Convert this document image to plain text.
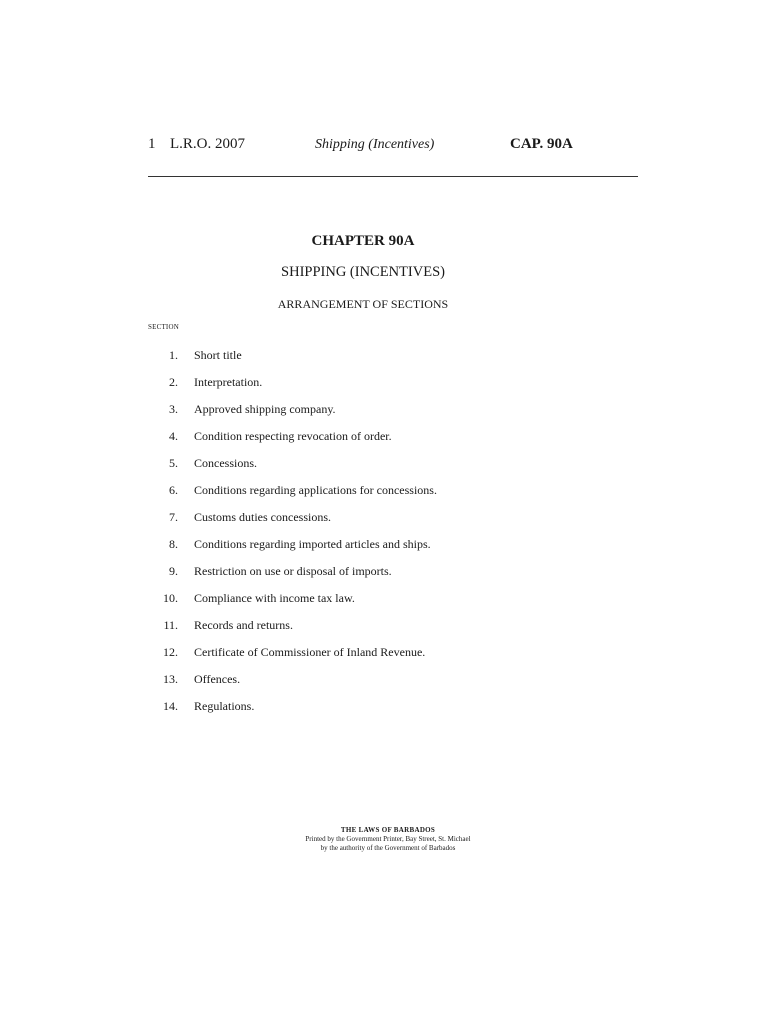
1 L.R.O. 2007	Shipping (Incentives)	CAP. 90A
CHAPTER 90A
SHIPPING (INCENTIVES)
ARRANGEMENT OF SECTIONS
SECTION
1. Short title
2. Interpretation.
3. Approved shipping company.
4. Condition respecting revocation of order.
5. Concessions.
6. Conditions regarding applications for concessions.
7. Customs duties concessions.
8. Conditions regarding imported articles and ships.
9. Restriction on use or disposal of imports.
10. Compliance with income tax law.
11. Records and returns.
12. Certificate of Commissioner of Inland Revenue.
13. Offences.
14. Regulations.
THE LAWS OF BARBADOS
Printed by the Government Printer, Bay Street, St. Michael
by the authority of the Government of Barbados
